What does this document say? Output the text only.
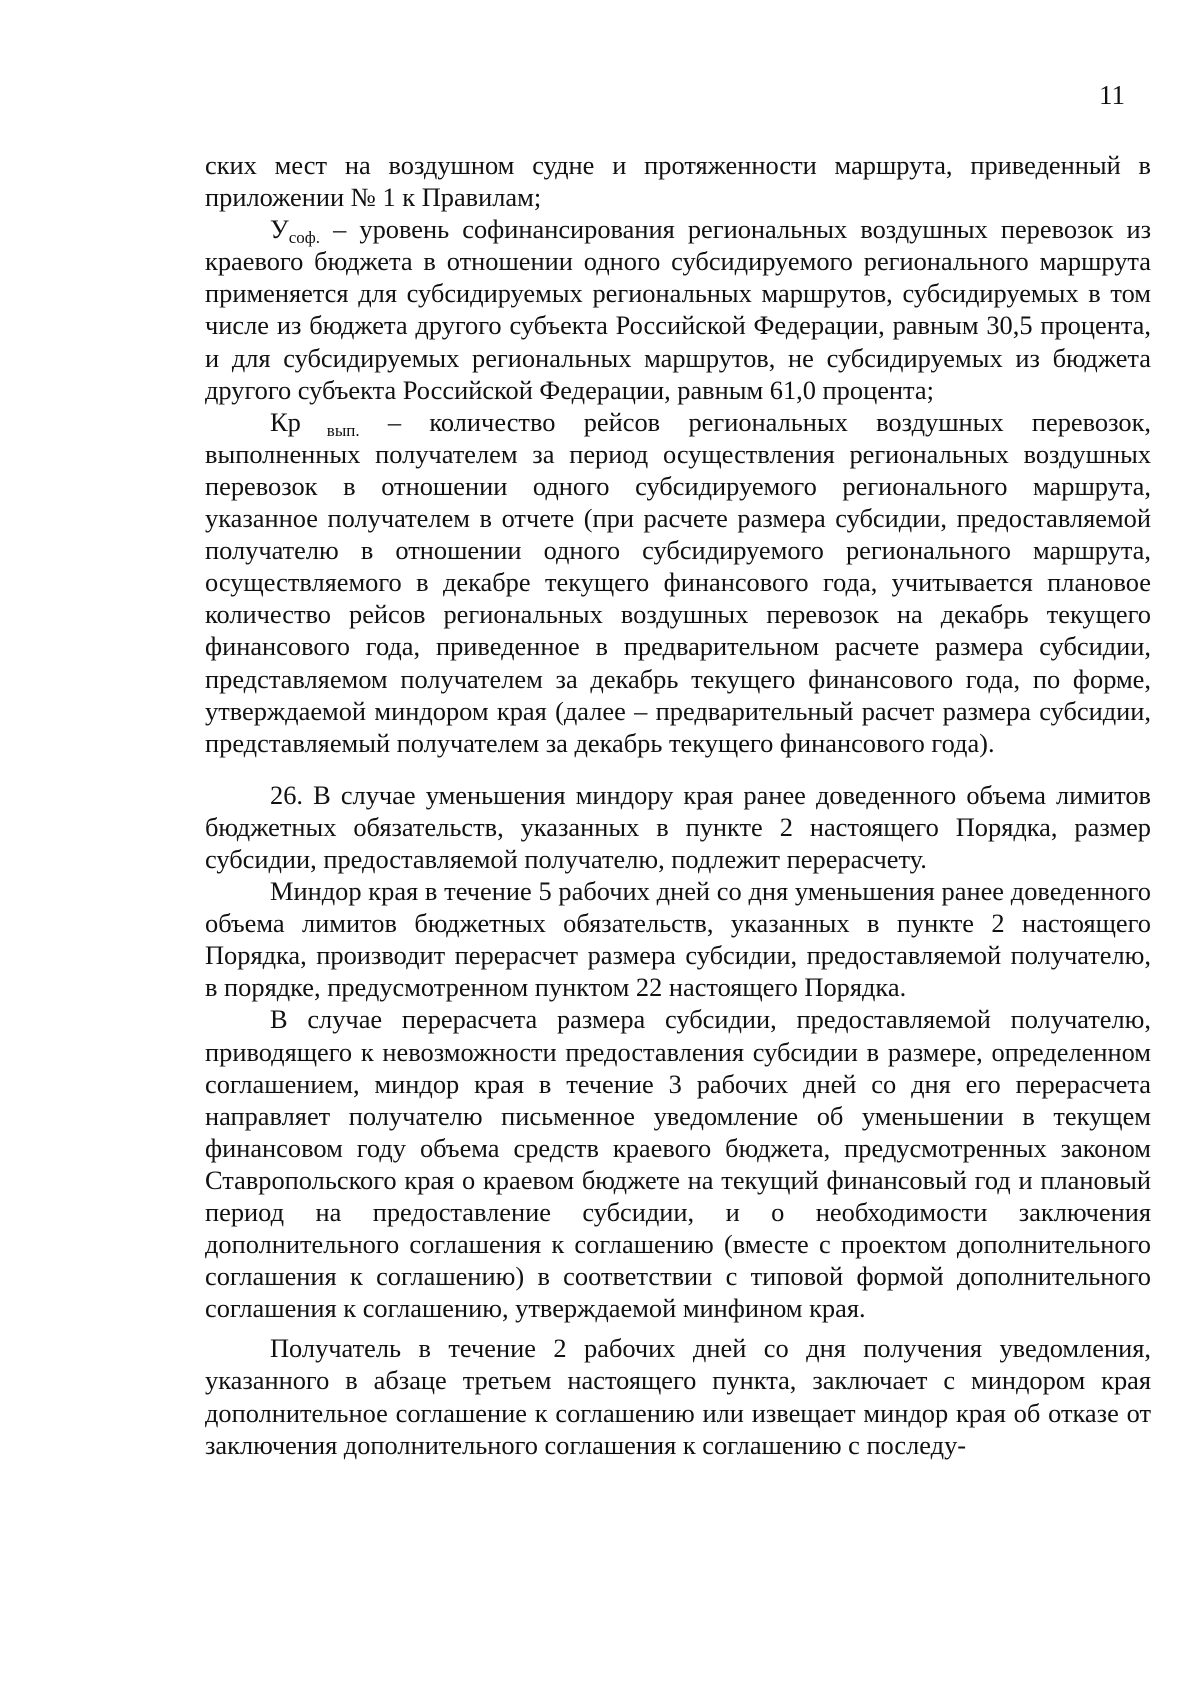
11

ских мест на воздушном судне и протяженности маршрута, приведенный в приложении № 1 к Правилам;

$У_{соф.}$ – уровень софинансирования региональных воздушных перевозок из краевого бюджета в отношении одного субсидируемого регионального маршрута применяется для субсидируемых региональных маршрутов, субсидируемых в том числе из бюджета другого субъекта Российской Федерации, равным 30,5 процента, и для субсидируемых региональных маршрутов, не субсидируемых из бюджета другого субъекта Российской Федерации, равным 61,0 процента;

Кр $_{вып.}$ – количество рейсов региональных воздушных перевозок, выполненных получателем за период осуществления региональных воздушных перевозок в отношении одного субсидируемого регионального маршрута, указанное получателем в отчете (при расчете размера субсидии, предоставляемой получателю в отношении одного субсидируемого регионального маршрута, осуществляемого в декабре текущего финансового года, учитывается плановое количество рейсов региональных воздушных перевозок на декабрь текущего финансового года, приведенное в предварительном расчете размера субсидии, представляемом получателем за декабрь текущего финансового года, по форме, утверждаемой миндором края (далее – предварительный расчет размера субсидии, представляемый получателем за декабрь текущего финансового года).

26. В случае уменьшения миндору края ранее доведенного объема лимитов бюджетных обязательств, указанных в пункте 2 настоящего Порядка, размер субсидии, предоставляемой получателю, подлежит перерасчету.

Миндор края в течение 5 рабочих дней со дня уменьшения ранее доведенного объема лимитов бюджетных обязательств, указанных в пункте 2 настоящего Порядка, производит перерасчет размера субсидии, предоставляемой получателю, в порядке, предусмотренном пунктом 22 настоящего Порядка.

В случае перерасчета размера субсидии, предоставляемой получателю, приводящего к невозможности предоставления субсидии в размере, определенном соглашением, миндор края в течение 3 рабочих дней со дня его перерасчета направляет получателю письменное уведомление об уменьшении в текущем финансовом году объема средств краевого бюджета, предусмотренных законом Ставропольского края о краевом бюджете на текущий финансовый год и плановый период на предоставление субсидии, и о необходимости заключения дополнительного соглашения к соглашению (вместе с проектом дополнительного соглашения к соглашению) в соответствии с типовой формой дополнительного соглашения к соглашению, утверждаемой минфином края.

Получатель в течение 2 рабочих дней со дня получения уведомления, указанного в абзаце третьем настоящего пункта, заключает с миндором края дополнительное соглашение к соглашению или извещает миндор края об отказе от заключения дополнительного соглашения к соглашению с последу-
